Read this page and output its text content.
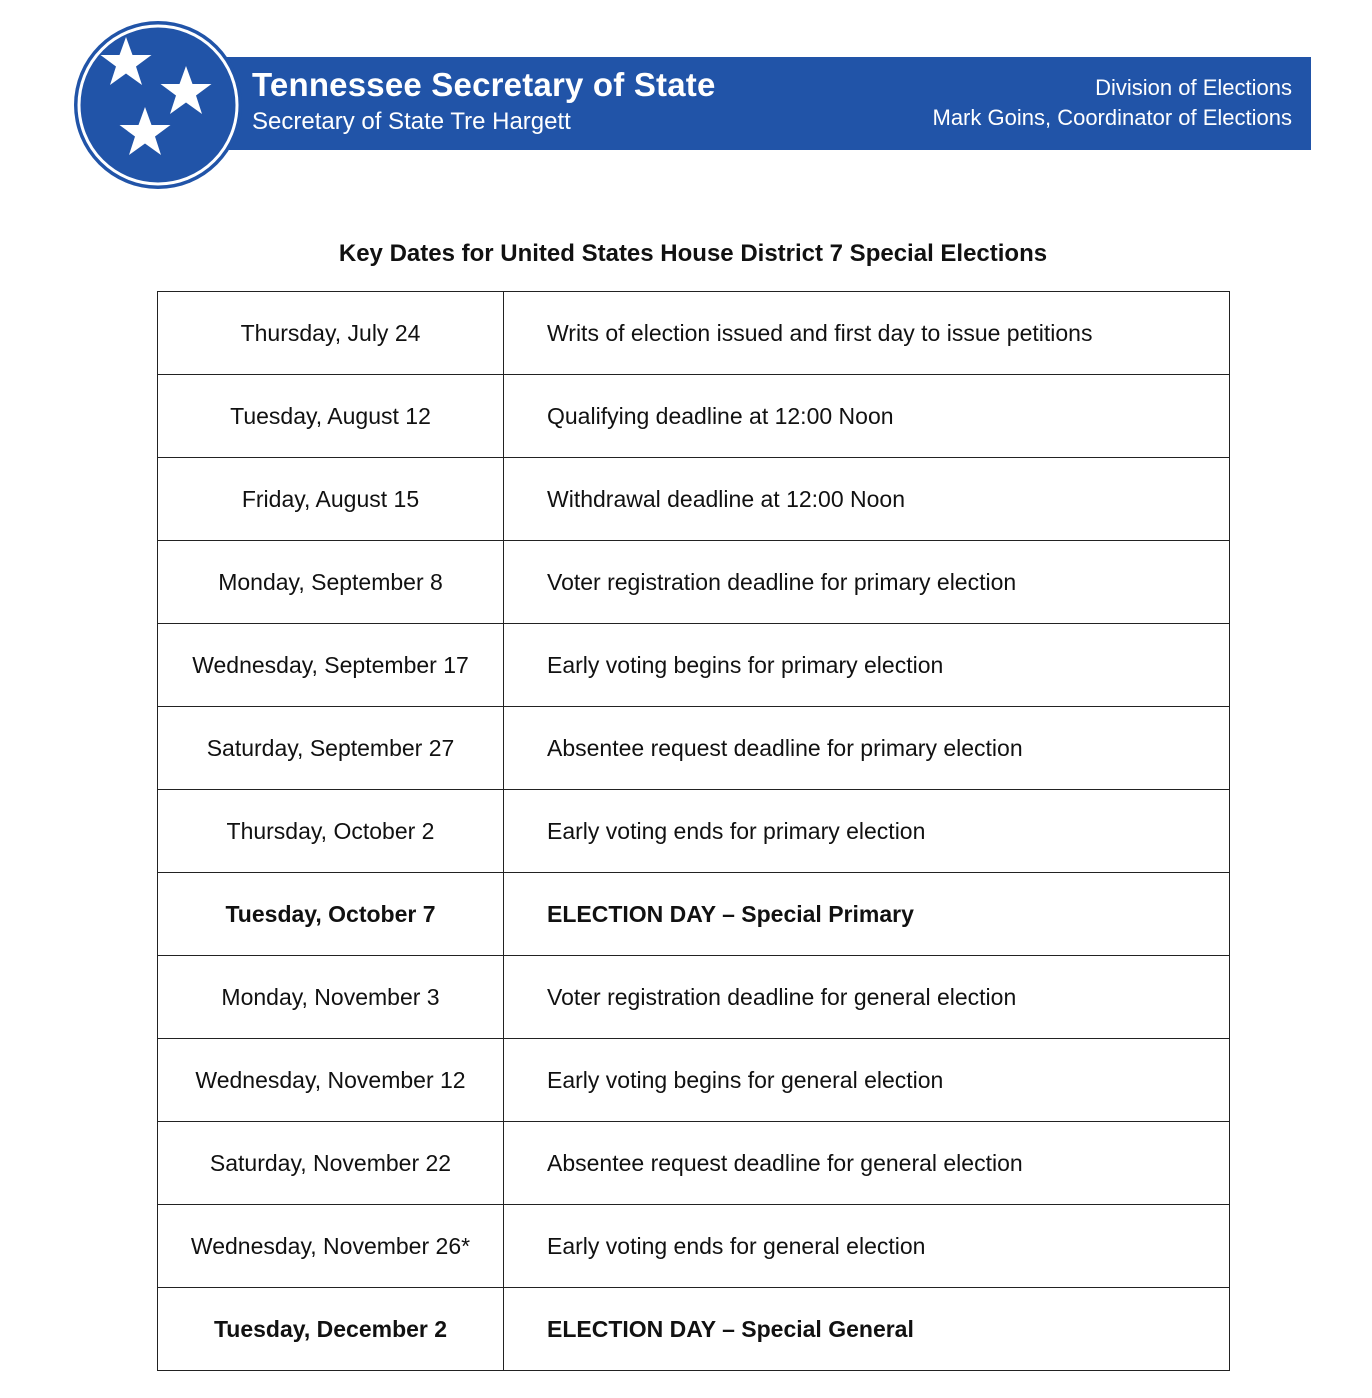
Tennessee Secretary of State
Secretary of State Tre Hargett
Division of Elections
Mark Goins, Coordinator of Elections
Key Dates for United States House District 7 Special Elections
Thursday, July 24	Writs of election issued and first day to issue petitions
Tuesday, August 12	Qualifying deadline at 12:00 Noon
Friday, August 15	Withdrawal deadline at 12:00 Noon
Monday, September 8	Voter registration deadline for primary election
Wednesday, September 17	Early voting begins for primary election
Saturday, September 27	Absentee request deadline for primary election
Thursday, October 2	Early voting ends for primary election
Tuesday, October 7	ELECTION DAY – Special Primary
Monday, November 3	Voter registration deadline for general election
Wednesday, November 12	Early voting begins for general election
Saturday, November 22	Absentee request deadline for general election
Wednesday, November 26*	Early voting ends for general election
Tuesday, December 2	ELECTION DAY – Special General
